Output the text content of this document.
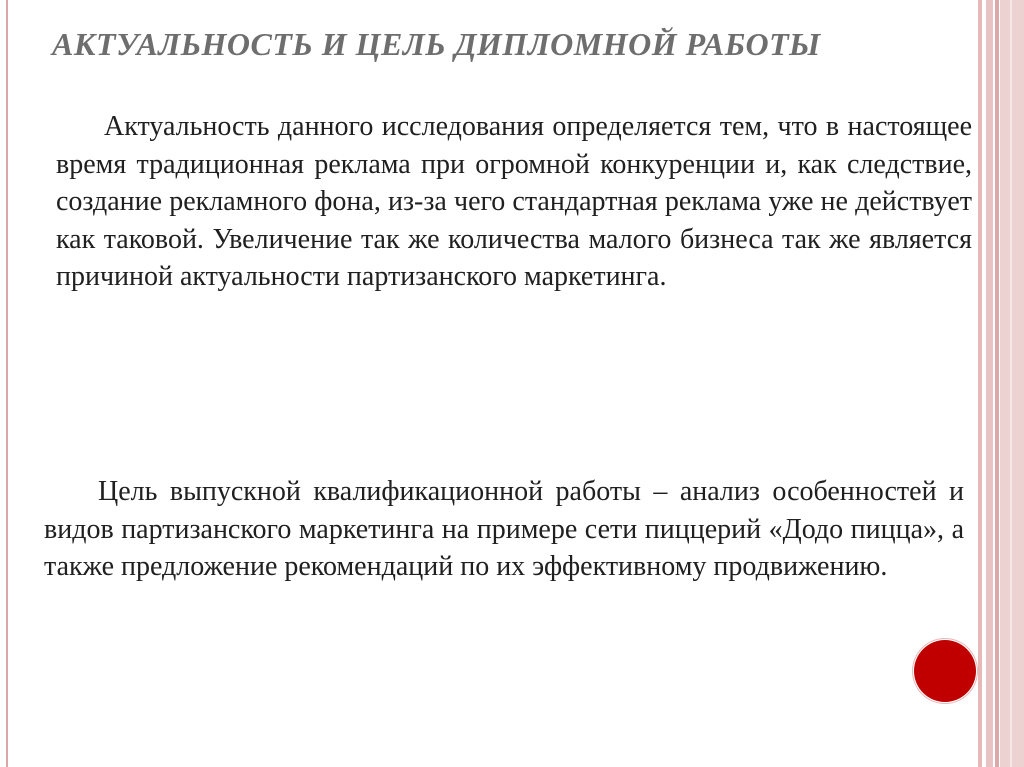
АКТУАЛЬНОСТЬ И ЦЕЛЬ ДИПЛОМНОЙ РАБОТЫ
Актуальность данного исследования определяется тем, что в настоящее время традиционная реклама при огромной конкуренции и, как следствие, создание рекламного фона, из-за чего стандартная реклама уже не действует как таковой. Увеличение так же количества малого бизнеса так же является причиной актуальности партизанского маркетинга.
Цель выпускной квалификационной работы – анализ особенностей и видов партизанского маркетинга на примере сети пиццерий «Додо пицца», а также предложение рекомендаций по их эффективному продвижению.
